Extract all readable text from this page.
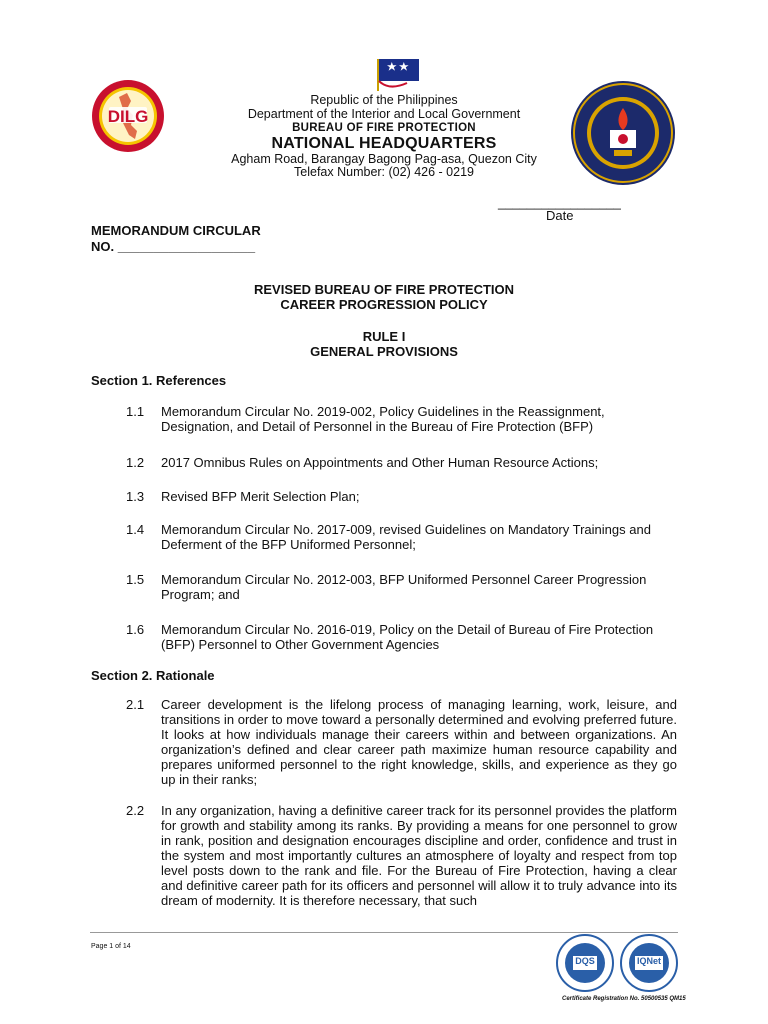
DILG
Republic of the Philippines
Department of the Interior and Local Government
BUREAU OF FIRE PROTECTION
NATIONAL HEADQUARTERS
Agham Road, Barangay Bagong Pag-asa, Quezon City
Telefax Number: (02) 426 - 0219
_________________
Date
MEMORANDUM CIRCULAR
NO. ___________________
REVISED BUREAU OF FIRE PROTECTION
CAREER PROGRESSION POLICY
RULE I
GENERAL PROVISIONS
Section 1. References
1.1 Memorandum Circular No. 2019-002, Policy Guidelines in the Reassignment, Designation, and Detail of Personnel in the Bureau of Fire Protection (BFP)
1.2 2017 Omnibus Rules on Appointments and Other Human Resource Actions;
1.3 Revised BFP Merit Selection Plan;
1.4 Memorandum Circular No. 2017-009, revised Guidelines on Mandatory Trainings and Deferment of the BFP Uniformed Personnel;
1.5 Memorandum Circular No. 2012-003, BFP Uniformed Personnel Career Progression Program; and
1.6 Memorandum Circular No. 2016-019, Policy on the Detail of Bureau of Fire Protection (BFP) Personnel to Other Government Agencies
Section 2. Rationale
2.1 Career development is the lifelong process of managing learning, work, leisure, and transitions in order to move toward a personally determined and evolving preferred future. It looks at how individuals manage their careers within and between organizations. An organization’s defined and clear career path maximize human resource capability and prepares uniformed personnel to the right knowledge, skills, and experience as they go up in their ranks;
2.2 In any organization, having a definitive career track for its personnel provides the platform for growth and stability among its ranks. By providing a means for one personnel to grow in rank, position and designation encourages discipline and order, confidence and trust in the system and most importantly cultures an atmosphere of loyalty and respect from top level posts down to the rank and file. For the Bureau of Fire Protection, having a clear and definitive career path for its officers and personnel will allow it to truly advance into its dream of modernity. It is therefore necessary, that such
Page 1 of 14
DQS	IQNet
Certificate Registration No. 50500535 QM15
